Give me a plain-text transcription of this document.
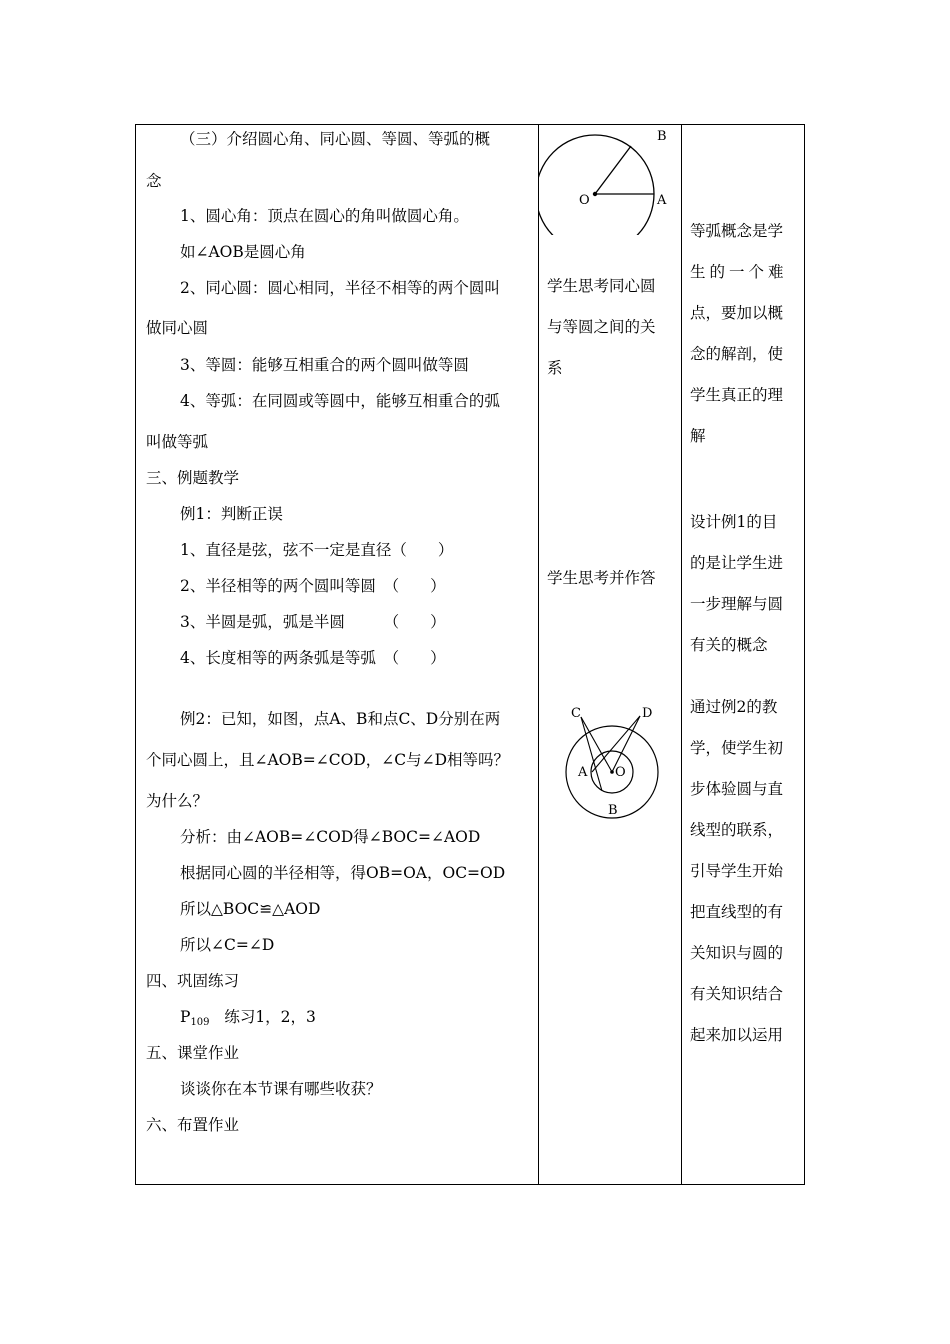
（三）介绍圆心角、同心圆、等圆、等弧的概
念
1、圆心角：顶点在圆心的角叫做圆心角。
如∠AOB是圆心角
2、同心圆：圆心相同，半径不相等的两个圆叫
做同心圆
3、等圆：能够互相重合的两个圆叫做等圆
4、等弧：在同圆或等圆中，能够互相重合的弧
叫做等弧
三、例题教学
例1：判断正误
1、直径是弦，弦不一定是直径（　　）
2、半径相等的两个圆叫等圆　（　　）
3、半圆是弧，弧是半圆　　　（　　）
4、长度相等的两条弧是等弧　（　　）
例2：已知，如图，点A、B和点C、D分别在两
个同心圆上，且∠AOB=∠COD，∠C与∠D相等吗？
为什么？
分析：由∠AOB=∠COD得∠BOC=∠AOD
根据同心圆的半径相等，得OB=OA，OC=OD
所以△BOC≌△AOD
所以∠C=∠D
四、巩固练习
$P_{109}$ 练习1，2，3
五、课堂作业
谈谈你在本节课有哪些收获？
六、布置作业
B
O	A
学生思考同心圆
与等圆之间的关
系
学生思考并作答
C	D
A O
B
等弧概念是学
生的一个难
点，要加以概
念的解剖，使
学生真正的理
解
设计例1的目
的是让学生进
一步理解与圆
有关的概念
通过例2的教
学，使学生初
步体验圆与直
线型的联系，
引导学生开始
把直线型的有
关知识与圆的
有关知识结合
起来加以运用
